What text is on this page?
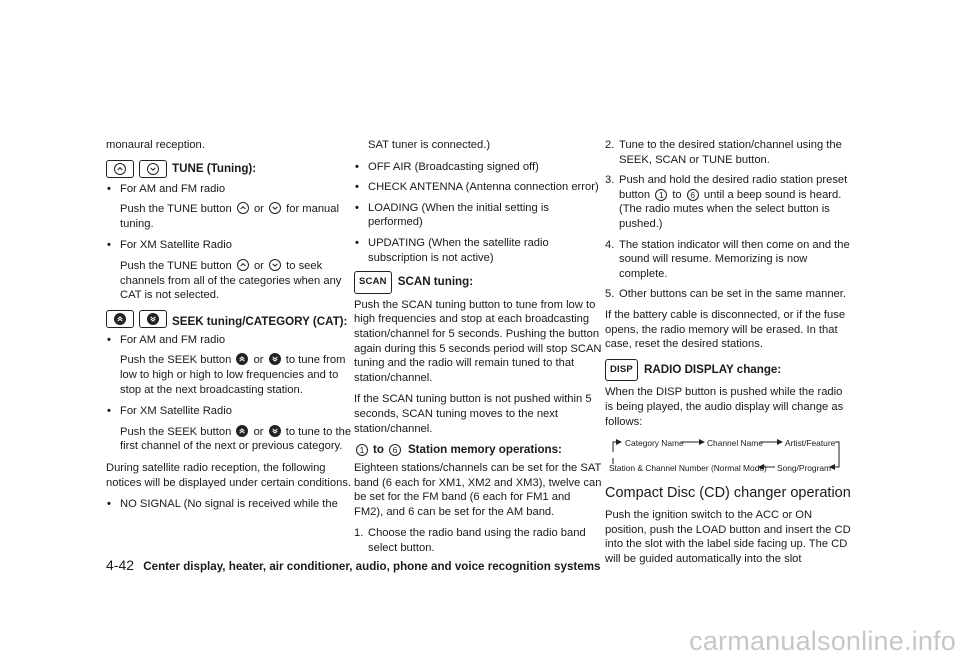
monaural reception.

TUNE (Tuning):
• For AM and FM radio
Push the TUNE button or for manual tuning.
• For XM Satellite Radio
Push the TUNE button or to seek channels from all of the categories when any CAT is not selected.
SEEK tuning/CATEGORY (CAT):
• For AM and FM radio
Push the SEEK button or to tune from low to high or high to low frequencies and to stop at the next broadcasting station.
• For XM Satellite Radio
Push the SEEK button or to tune to the first channel of the next or previous category.

During satellite radio reception, the following notices will be displayed under certain conditions.

• NO SIGNAL (No signal is received while the
SAT tuner is connected.)
• OFF AIR (Broadcasting signed off)
• CHECK ANTENNA (Antenna connection error)
• LOADING (When the initial setting is performed)
• UPDATING (When the satellite radio subscription is not active)
SCAN SCAN tuning:

Push the SCAN tuning button to tune from low to high frequencies and stop at each broadcasting station/channel for 5 seconds. Pushing the button again during this 5 seconds period will stop SCAN tuning and the radio will remain tuned to that station/channel.

If the SCAN tuning button is not pushed within 5 seconds, SCAN tuning moves to the next station/channel.

1 to	6 Station memory operations:

Eighteen stations/channels can be set for the SAT band (6 each for XM1, XM2 and XM3), twelve can be set for the FM band (6 each for FM1 and FM2), and 6 can be set for the AM band.

1. Choose the radio band using the radio band select button.
2. Tune to the desired station/channel using the SEEK, SCAN or TUNE button.
3. Push and hold the desired radio station preset button 1 to 6 until a beep sound is heard. (The radio mutes when the select button is pushed.)
4. The station indicator will then come on and the sound will resume. Memorizing is now complete.
5. Other buttons can be set in the same manner.

If the battery cable is disconnected, or if the fuse opens, the radio memory will be erased. In that case, reset the desired stations.

DISP RADIO DISPLAY change:

When the DISP button is pushed while the radio is being played, the audio display will change as follows:

Category Name	Channel Name	Artist/Feature
Station & Channel Number (Normal Mode) Song/Program
Compact Disc (CD) changer operation

Push the ignition switch to the ACC or ON position, push the LOAD button and insert the CD into the slot with the label side facing up. The CD will be guided automatically into the slot

4-42 Center display, heater, air conditioner, audio, phone and voice recognition systems
carmanualsonline.info
